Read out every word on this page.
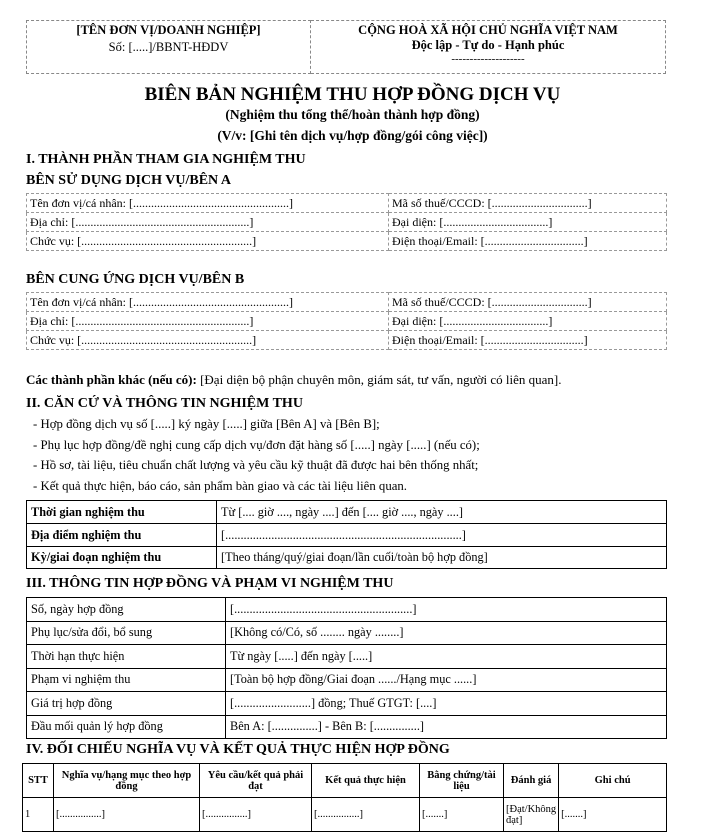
[TÊN ĐƠN VỊ/DOANH NGHIỆP]
Số: [.....]/BBNT-HĐDV

CỘNG HOÀ XÃ HỘI CHỦ NGHĨA VIỆT NAM
Độc lập - Tự do - Hạnh phúc
--------------------
BIÊN BẢN NGHIỆM THU HỢP ĐỒNG DỊCH VỤ
(Nghiệm thu tổng thể/hoàn thành hợp đồng)
(V/v: [Ghi tên dịch vụ/hợp đồng/gói công việc])
I. THÀNH PHẦN THAM GIA NGHIỆM THU
BÊN SỬ DỤNG DỊCH VỤ/BÊN A
Tên đơn vị/cá nhân: [....................................................]	Mã số thuế/CCCD: [................................]
Địa chỉ: [..........................................................]	Đại diện: [...................................]
Chức vụ: [.........................................................]	Điện thoại/Email: [.................................]
BÊN CUNG ỨNG DỊCH VỤ/BÊN B
Tên đơn vị/cá nhân: [....................................................]	Mã số thuế/CCCD: [................................]
Địa chỉ: [..........................................................]	Đại diện: [...................................]
Chức vụ: [.........................................................]	Điện thoại/Email: [.................................]
Các thành phần khác (nếu có): [Đại diện bộ phận chuyên môn, giám sát, tư vấn, người có liên quan].
II. CĂN CỨ VÀ THÔNG TIN NGHIỆM THU
- Hợp đồng dịch vụ số [.....] ký ngày [.....] giữa [Bên A] và [Bên B];
- Phụ lục hợp đồng/đề nghị cung cấp dịch vụ/đơn đặt hàng số [.....] ngày [.....] (nếu có);
- Hồ sơ, tài liệu, tiêu chuẩn chất lượng và yêu cầu kỹ thuật đã được hai bên thống nhất;
- Kết quả thực hiện, báo cáo, sản phẩm bàn giao và các tài liệu liên quan.
Thời gian nghiệm thu	Từ [.... giờ ...., ngày ....] đến [.... giờ ...., ngày ....]
Địa điểm nghiệm thu	[.............................................................................]
Kỳ/giai đoạn nghiệm thu	[Theo tháng/quý/giai đoạn/lần cuối/toàn bộ hợp đồng]
III. THÔNG TIN HỢP ĐỒNG VÀ PHẠM VI NGHIỆM THU
Số, ngày hợp đồng	[..........................................................]
Phụ lục/sửa đổi, bổ sung	[Không có/Có, số ........ ngày ........]
Thời hạn thực hiện	Từ ngày [.....] đến ngày [.....]
Phạm vi nghiệm thu	[Toàn bộ hợp đồng/Giai đoạn ....../Hạng mục ......]
Giá trị hợp đồng	[.........................] đồng; Thuế GTGT: [....]
Đầu mối quản lý hợp đồng	Bên A: [...............] - Bên B: [...............]
IV. ĐỐI CHIẾU NGHĨA VỤ VÀ KẾT QUẢ THỰC HIỆN HỢP ĐỒNG
STT	Nghĩa vụ/hạng mục theo hợp đồng	Yêu cầu/kết quả phải đạt	Kết quả thực hiện	Bằng chứng/tài liệu	Đánh giá	Ghi chú
1	[................]	[................]	[................]	[.......]	[Đạt/Không đạt]	[.......]
